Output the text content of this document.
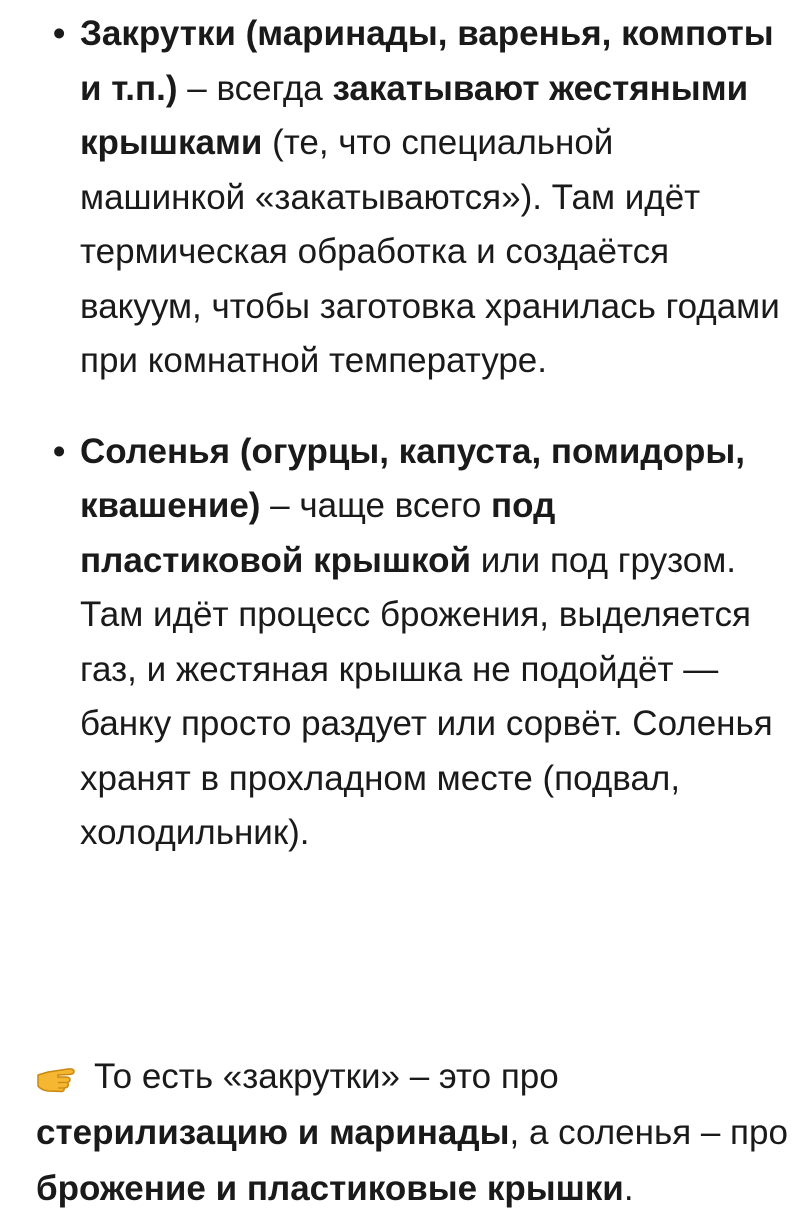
• Закрутки (маринады, варенья, компоты и т.п.) – всегда закатывают жестяными крышками (те, что специальной машинкой «закатываются»). Там идёт термическая обработка и создаётся вакуум, чтобы заготовка хранилась годами при комнатной температуре.
• Соленья (огурцы, капуста, помидоры, квашение) – чаще всего под пластиковой крышкой или под грузом. Там идёт процесс брожения, выделяется газ, и жестяная крышка не подойдёт — банку просто раздует или сорвёт. Соленья хранят в прохладном месте (подвал, холодильник).

То есть «закрутки» – это про стерилизацию и маринады, а соленья – про брожение и пластиковые крышки.
